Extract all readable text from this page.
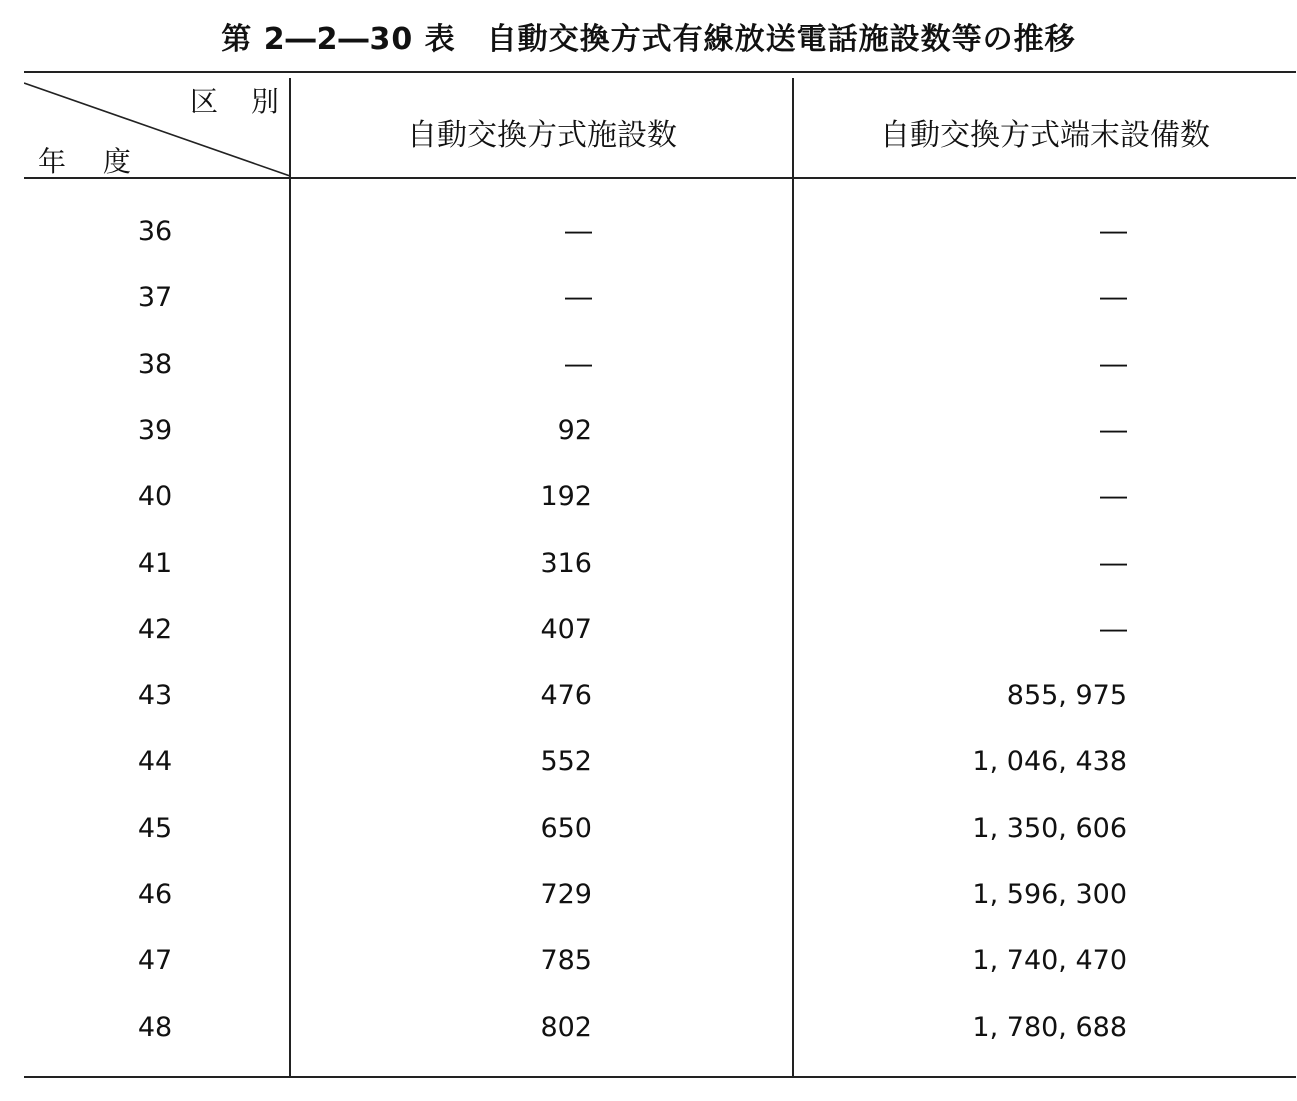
第 2―2―30 表　自動交換方式有線放送電話施設数等の推移
区 別
年 度
自動交換方式施設数	自動交換方式端末設備数
36	―	―
37	―	―
38	―	―
39	92	―
40	192	―
41	316	―
42	407	―
43	476	855, 975
44	552	1, 046, 438
45	650	1, 350, 606
46	729	1, 596, 300
47	785	1, 740, 470
48	802	1, 780, 688
